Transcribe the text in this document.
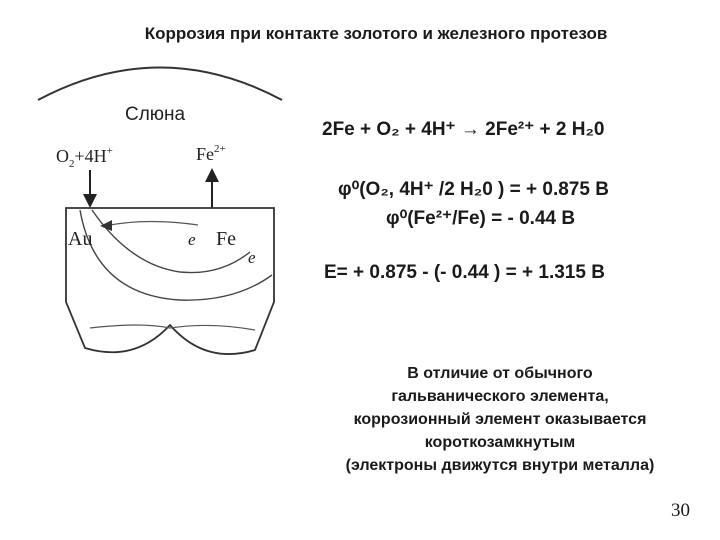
Коррозия при контакте золотого и железного протезов
Слюна
$O_2+4H^+$	$Fe^{2+}$
Au	Fe
e
e
2Fe + O₂ + 4H⁺ → 2Fe²⁺ + 2 H₂0
φ⁰(O₂, 4H⁺ /2 H₂0 ) = + 0.875 В
φ⁰(Fe²⁺/Fe) = - 0.44 В
E= + 0.875 - (- 0.44 ) = + 1.315 В
В отличие от обычного
гальванического элемента,
коррозионный элемент оказывается
короткозамкнутым
(электроны движутся внутри металла)
30
